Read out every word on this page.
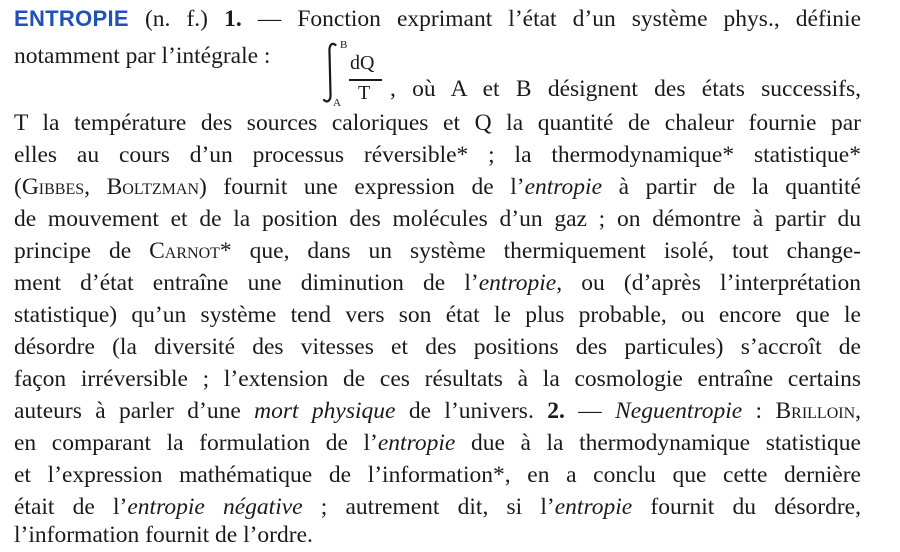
ENTROPIE (n. f.) 1. — Fonction exprimant l’état d’un système phys., définie
notamment par l’intégrale :	B
A
dQ
T , où A et B désignent des états successifs,
T la température des sources caloriques et Q la quantité de chaleur fournie par
elles au cours d’un processus réversible* ; la thermodynamique* statistique*
(Gibbes, Boltzman) fournit une expression de l’entropie à partir de la quantité
de mouvement et de la position des molécules d’un gaz ; on démontre à partir du
principe de Carnot* que, dans un système thermiquement isolé, tout change-
ment d’état entraîne une diminution de l’entropie, ou (d’après l’interprétation
statistique) qu’un système tend vers son état le plus probable, ou encore que le
désordre (la diversité des vitesses et des positions des particules) s’accroît de
façon irréversible ; l’extension de ces résultats à la cosmologie entraîne certains
auteurs à parler d’une mort physique de l’univers. 2. — Neguentropie : Brilloin,
en comparant la formulation de l’entropie due à la thermodynamique statistique
et l’expression mathématique de l’information*, en a conclu que cette dernière
était de l’entropie négative ; autrement dit, si l’entropie fournit du désordre,
l’information fournit de l’ordre.
